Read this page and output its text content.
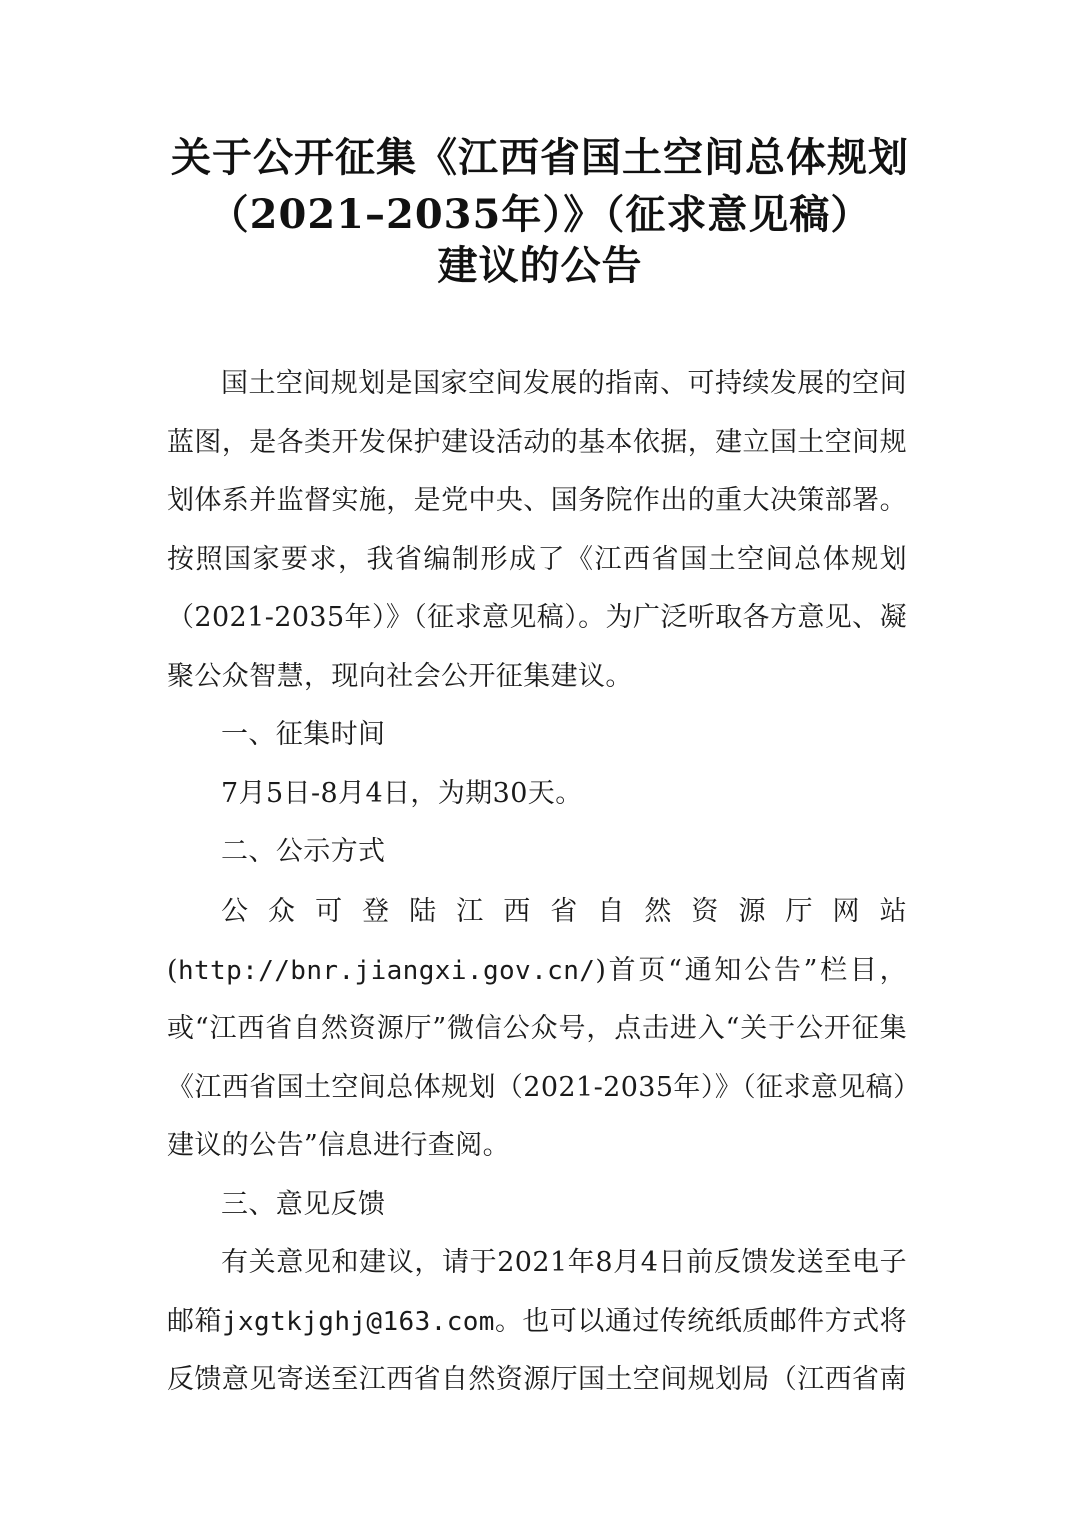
关于公开征集《江西省国土空间总体规划
（2021–2035年）》（征求意见稿）
建议的公告

国土空间规划是国家空间发展的指南、可持续发展的空间蓝图，是各类开发保护建设活动的基本依据，建立国土空间规划体系并监督实施，是党中央、国务院作出的重大决策部署。按照国家要求，我省编制形成了《江西省国土空间总体规划（2021-2035年）》（征求意见稿）。为广泛听取各方意见、凝聚公众智慧，现向社会公开征集建议。

一、征集时间

7月5日-8月4日，为期30天。

二、公示方式

公众可登陆江西省自然资源厅网站(http://bnr.jiangxi.gov.cn/)首页“通知公告”栏目，或“江西省自然资源厅”微信公众号，点击进入“关于公开征集《江西省国土空间总体规划（2021-2035年）》（征求意见稿）建议的公告”信息进行查阅。

三、意见反馈

有关意见和建议，请于2021年8月4日前反馈发送至电子邮箱jxgtkjghj@163.com。也可以通过传统纸质邮件方式将反馈意见寄送至江西省自然资源厅国土空间规划局（江西省南
